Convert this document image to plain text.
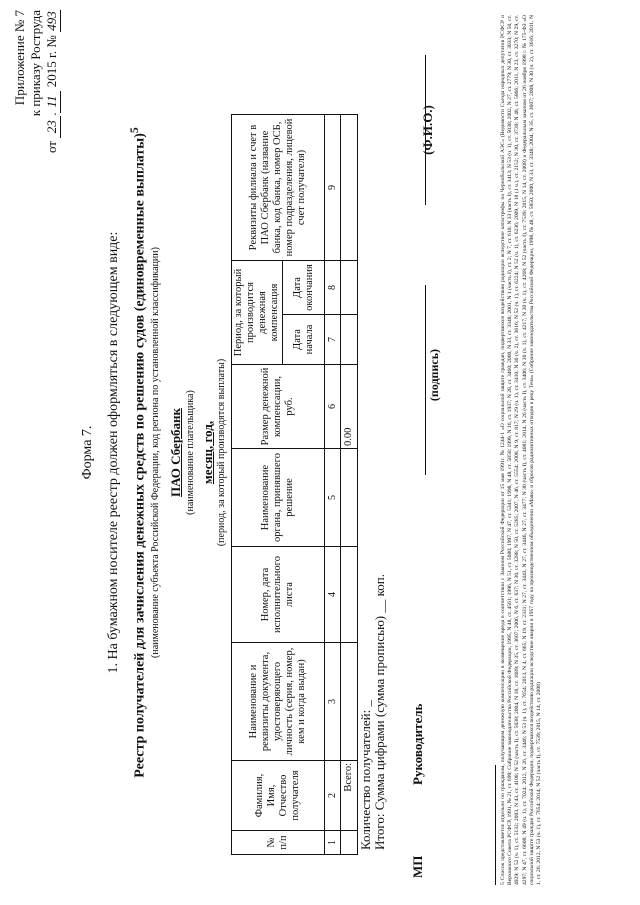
Приложение № 7 к приказу Роструда
от 23.11 2015 г. № 493
Форма 7. 1. На бумажном носителе реестр должен оформляться в следующем виде: Реестр получателей для зачисления денежных средств по решению судов (единовременные выплаты)$^5$
(наименование субъекта Российской Федерации, код региона по установленной классификации) ПАО Сбербанк (наименование плательщика) месяц, год, (период, за который производятся выплаты)
№ п/п	Фамилия, Имя, Отчество получателя	Наименование и реквизиты документа, удостоверяющего личность (серия, номер, кем и когда выдан)	Номер, дата исполнительного листа	Наименование органа, принявшего решение	Размер денежной компенсации, руб.	Период, за который производится денежная компенсация		Реквизиты филиала и счет в ПАО Сбербанк (название банка, код банка, номер ОСБ, номер подразделения, лицевой счет получателя)
						Дата начала	Дата окончания	
1	2	3	4	5	6	7	8	9
	Всего:				0.00			
Количество получателей: _ Итого: Сумма цифрами (сумма прописью) __ коп.
МП
Руководитель
(подпись)
(Ф.И.О.)	5 Список представляется отдельно по гражданам, получающим денежную компенсацию в возмещение вреда в соответствии с Законом Российской Федерации от 15 мая 1991г. № 1244-1 «О социальной защите граждан, подвергшихся воздействию радиации вследствие катастрофы на Чернобыльской АЭС» (Ведомости Съезда народных депутатов РСФСР и Верховного Совета РСФСР, 1991, № 21, ст. 699; Собрание законодательства Российской Федерации, 1995, N 48, ст. 4561; 1996, N 51, ст. 5680; 1997, N 47, ст. 5341; 1998, N 48, ст. 5850; 1999, N 16, ст. 1937; N 28, ст. 3460; 2000, N 33, ст. 3348; 2001, N 1 (часть I), ст. 2; N 7, ст. 610; N 33 (часть I), ст. 3413; N 53 (ч. 1), ст. 5030; 2002, N 27, ст. 2779; N 30, ст. 3033; N 50, ст. 4929; N 52 (ч. 1), ст. 5132; 2003, N 43, ст. 4108; N 52 (часть I), ст. 5038; 2004, N 18, ст. 1689; N 35, ст. 3607; 2006, N 6, ст. 637; N 30, ст. 3288; N 50, ст. 5285; 2007, N 46, ст. 5554; 2008, N 9, ст. 817; N 29 (ч. 1), ст. 3410; N 30 (ч. 2), ст. 3616; N 52 (ч. 1), ст. 6224; N 52 (ч. 1), ст. 6236; 2009, N 18 (1 ч.), ст. 2152; N 30, ст. 3739; N 48, ст. 5866; 2011, N 23, ст. 3270; N 29, ст. 4297; N 47, ст. 6608; N 49 (ч. 1), ст. 7024; 2012, N 26, ст. 3446; N 53 (ч. 1), ст. 7654; 2013, N 4, ст. 665; N 19, ст. 2331; N 27, ст. 3443, N 27, ст. 3446, N 27, ст. 3477; N 30 (часть I), ст. 4081; 2014, N 26 (часть I), ст. 3406; N 30 (ч. 1), ст. 4217, N 30 (ч. 1), ст. 4268; N 52 (часть I), ст. 7539; 2015, N 14, ст. 2008) и Федеральным законом от 26 ноября 1998 г. № 175-ФЗ «О социальной защите граждан Российской Федерации, подвергшихся воздействию радиации вследствие аварии в 1957 году на производственном объединении «Маяк» и сбросов радиоактивных отходов в реку Теча» (Собрание законодательства Российской Федерации, 1998, № 48, ст. 5850; 2000, N 33, ст. 3348; 2004, N 35, ст. 3607; 2008, N 30 (ч. 2), ст. 3616; 2011, N 1, ст. 26; 2012, N 53 (ч. 1), ст. 7654; 2014, N 52 (часть I), ст. 7539; 2015, N 14, ст. 2008)
